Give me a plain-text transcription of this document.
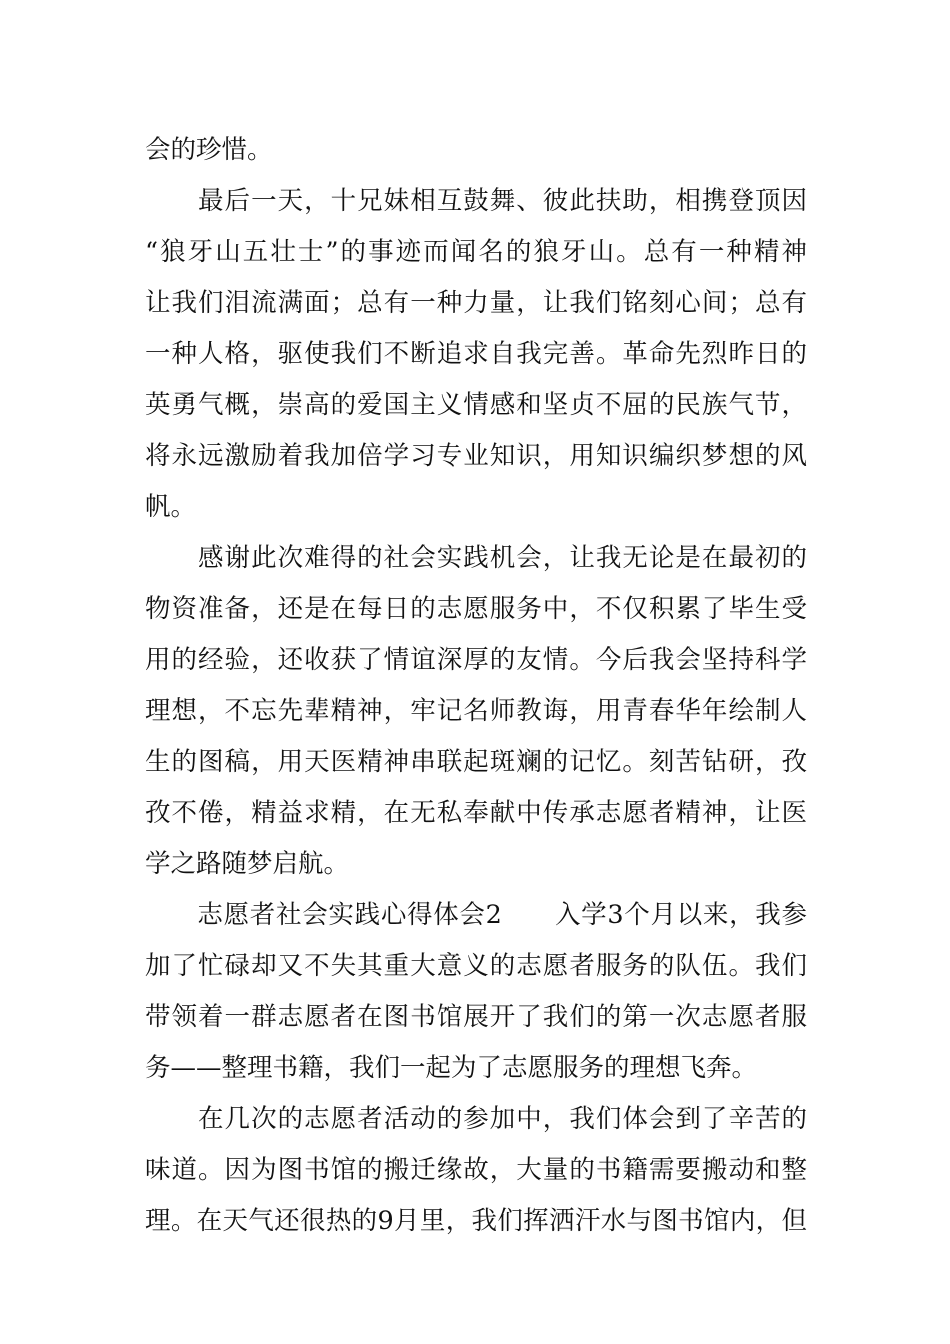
会的珍惜。
　　最后一天，十兄妹相互鼓舞、彼此扶助，相携登顶因
“狼牙山五壮士”的事迹而闻名的狼牙山。总有一种精神
让我们泪流满面；总有一种力量，让我们铭刻心间；总有
一种人格，驱使我们不断追求自我完善。革命先烈昨日的
英勇气概，崇高的爱国主义情感和坚贞不屈的民族气节，
将永远激励着我加倍学习专业知识，用知识编织梦想的风
帆。
　　感谢此次难得的社会实践机会，让我无论是在最初的
物资准备，还是在每日的志愿服务中，不仅积累了毕生受
用的经验，还收获了情谊深厚的友情。今后我会坚持科学
理想，不忘先辈精神，牢记名师教诲，用青春华年绘制人
生的图稿，用天医精神串联起斑斓的记忆。刻苦钻研，孜
孜不倦，精益求精，在无私奉献中传承志愿者精神，让医
学之路随梦启航。
　　志愿者社会实践心得体会2　　入学3个月以来，我参
加了忙碌却又不失其重大意义的志愿者服务的队伍。我们
带领着一群志愿者在图书馆展开了我们的第一次志愿者服
务——整理书籍，我们一起为了志愿服务的理想飞奔。
　　在几次的志愿者活动的参加中，我们体会到了辛苦的
味道。因为图书馆的搬迁缘故，大量的书籍需要搬动和整
理。在天气还很热的9月里，我们挥洒汗水与图书馆内，但
